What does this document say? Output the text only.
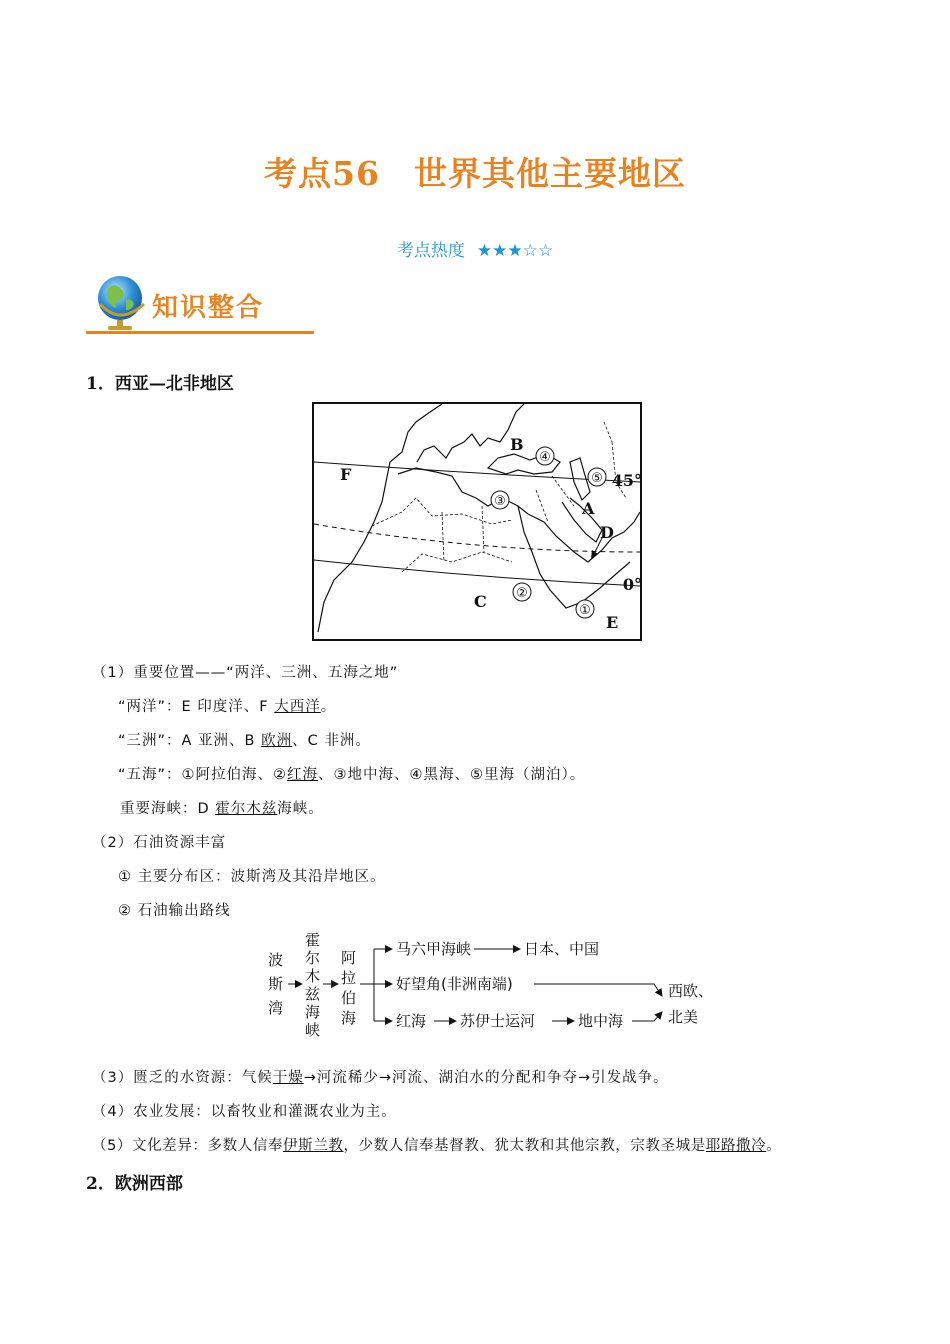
考点56　世界其他主要地区
考点热度 ★★★☆☆
知识整合
1．西亚—北非地区
F
B
A
D
C
E
45°
0°
③
④
⑤
②
①
（1）重要位置——“两洋、三洲、五海之地”
“两洋”：E 印度洋、F 大西洋。
“三洲”：A 亚洲、B 欧洲、C 非洲。
“五海”：①阿拉伯海、②红海、③地中海、④黑海、⑤里海（湖泊）。
重要海峡：D 霍尔木兹海峡。
（2）石油资源丰富
① 主要分布区：波斯湾及其沿岸地区。
② 石油输出路线
波
斯
湾
霍
尔
木
兹
海
峡
阿
拉
伯
海
马六甲海峡	日本、中国
好望角(非洲南端)
红海 苏伊士运河	地中海
西欧、
北美
（3）匮乏的水资源：气候干燥→河流稀少→河流、湖泊水的分配和争夺→引发战争。
（4）农业发展：以畜牧业和灌溉农业为主。
（5）文化差异：多数人信奉伊斯兰教，少数人信奉基督教、犹太教和其他宗教，宗教圣城是耶路撒冷。
2．欧洲西部
